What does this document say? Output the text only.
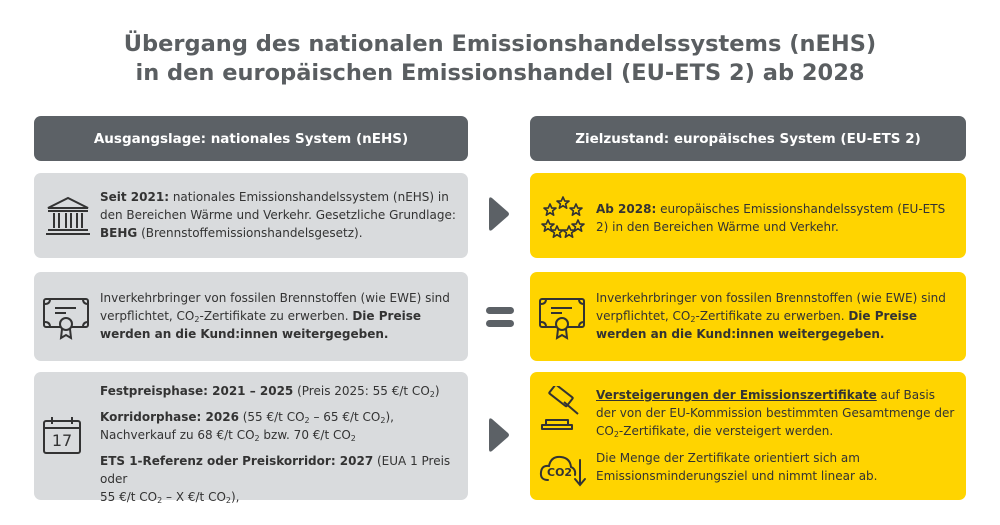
Übergang des nationalen Emissionshandelssystems (nEHS)
in den europäischen Emissionshandel (EU-ETS 2) ab 2028
Ausgangslage: nationales System (nEHS)	Zielzustand: europäisches System (EU-ETS 2)
Seit 2021: nationales Emissionshandelssystem (nEHS) in den Bereichen Wärme und Verkehr. Gesetzliche Grundlage: BEHG (Brennstoffemissionshandelsgesetz).
Inverkehrbringer von fossilen Brennstoffen (wie EWE) sind verpflichtet, $CO_2$-Zertifikate zu erwerben. Die Preise werden an die Kund:innen weitergegeben.
17

Festpreisphase: 2021 – 2025 (Preis 2025: 55 €/t $CO_2$)

Korridorphase: 2026 (55 €/t $CO_2 - 65$ €/t $CO_2$),
Nachverkauf zu 68 €/t $CO_2$ bzw. 70 €/t $CO_2$

ETS 1-Referenz oder Preiskorridor: 2027 (EUA 1 Preis oder
55 €/t $CO_2$ – X €/t $CO_2$),

Ab 2028: europäisches Emissionshandelssystem (EU-ETS 2) in den Bereichen Wärme und Verkehr.
Inverkehrbringer von fossilen Brennstoffen (wie EWE) sind verpflichtet, $CO_2$-Zertifikate zu erwerben. Die Preise werden an die Kund:innen weitergegeben.
Versteigerungen der Emissionszertifikate auf Basis der von der EU-Kommission bestimmten Gesamtmenge der $CO_2$-Zertifikate, die versteigert werden.
CO2
Die Menge der Zertifikate orientiert sich am Emissionsminderungsziel und nimmt linear ab.
